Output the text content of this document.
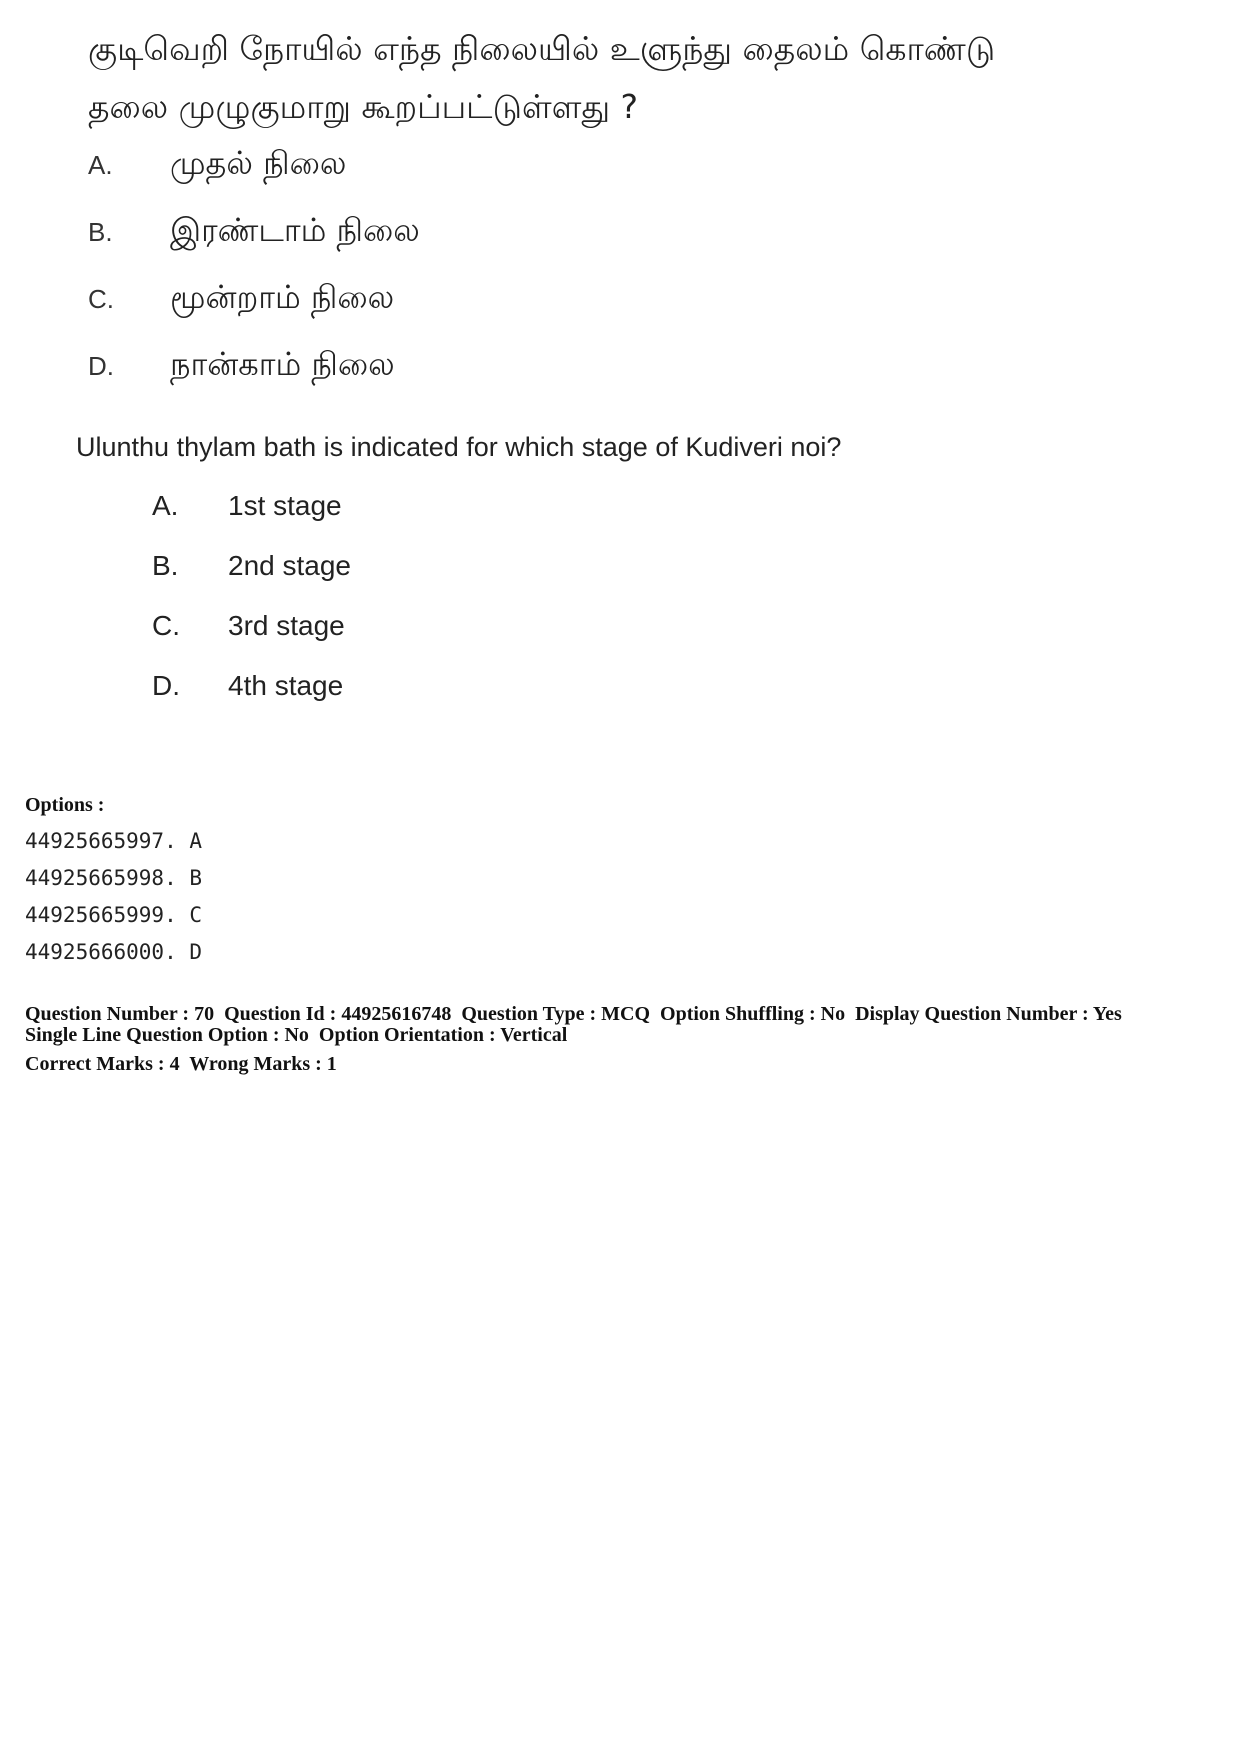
குடிவெறி நோயில் எந்த நிலையில் உளுந்து தைலம் கொண்டு

தலை முழுகுமாறு கூறப்பட்டுள்ளது ?

A.	முதல் நிலை
B.	இரண்டாம் நிலை
C.	மூன்றாம் நிலை
D.	நான்காம் நிலை

Ulunthu thylam bath is indicated for which stage of Kudiveri noi?

A.	1st stage
B.	2nd stage
C.	3rd stage
D.	4th stage

Options :

44925665997. A
44925665998. B
44925665999. C
44925666000. D
Question Number : 70  Question Id : 44925616748  Question Type : MCQ  Option Shuffling : No  Display Question Number : Yes
Single Line Question Option : No  Option Orientation : Vertical
Correct Marks : 4  Wrong Marks : 1
